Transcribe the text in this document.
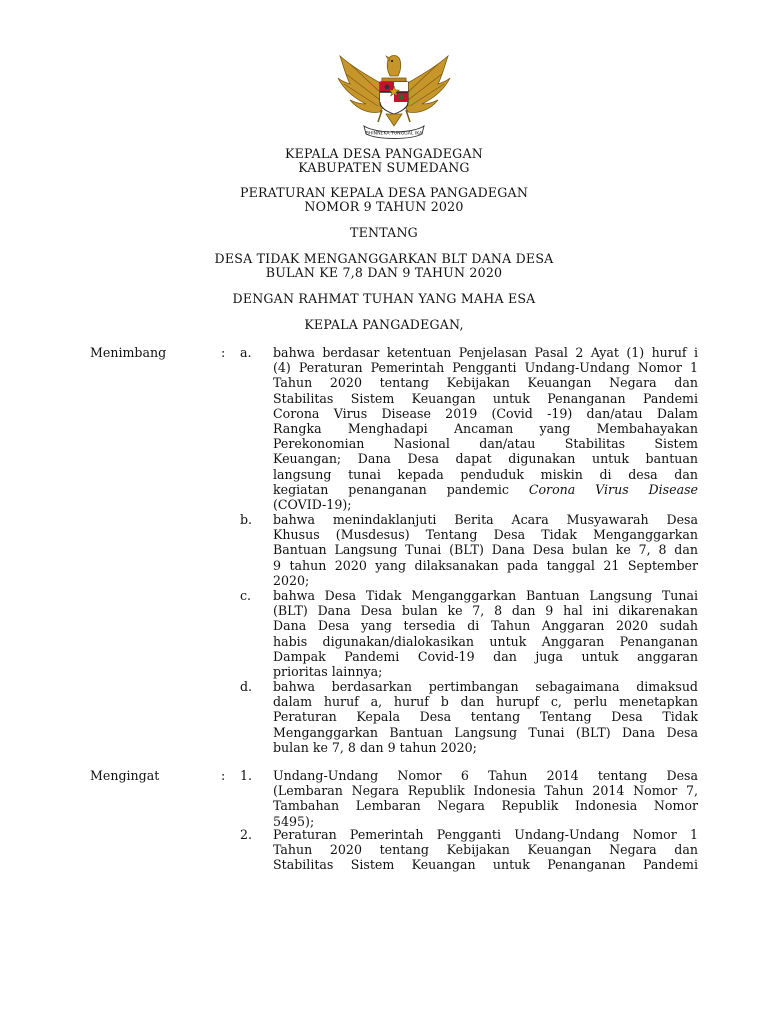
BHINNEKA TUNGGAL IKA
KEPALA DESA PANGADEGAN
KABUPATEN SUMEDANG
PERATURAN KEPALA DESA PANGADEGAN
NOMOR 9 TAHUN 2020
TENTANG
DESA TIDAK MENGANGGARKAN BLT DANA DESA
BULAN KE 7,8 DAN 9 TAHUN 2020
DENGAN RAHMAT TUHAN YANG MAHA ESA
KEPALA PANGADEGAN,
Menimbang	: a.	bahwa berdasar ketentuan Penjelasan Pasal 2 Ayat (1) huruf i
(4) Peraturan Pemerintah Pengganti Undang-Undang Nomor 1
Tahun 2020 tentang Kebijakan Keuangan Negara dan
Stabilitas Sistem Keuangan untuk Penanganan Pandemi
Corona Virus Disease 2019 (Covid -19) dan/atau Dalam
Rangka Menghadapi Ancaman yang Membahayakan
Perekonomian Nasional dan/atau Stabilitas Sistem
Keuangan; Dana Desa dapat digunakan untuk bantuan
langsung tunai kepada penduduk miskin di desa dan
kegiatan penanganan pandemic Corona Virus Disease
(COVID-19);
b.	bahwa menindaklanjuti Berita Acara Musyawarah Desa
Khusus (Musdesus) Tentang Desa Tidak Menganggarkan
Bantuan Langsung Tunai (BLT) Dana Desa bulan ke 7, 8 dan
9 tahun 2020 yang dilaksanakan pada tanggal 21 September
2020;
c.	bahwa Desa Tidak Menganggarkan Bantuan Langsung Tunai
(BLT) Dana Desa bulan ke 7, 8 dan 9 hal ini dikarenakan
Dana Desa yang tersedia di Tahun Anggaran 2020 sudah
habis digunakan/dialokasikan untuk Anggaran Penanganan
Dampak Pandemi Covid-19 dan juga untuk anggaran
prioritas lainnya;
d.	bahwa berdasarkan pertimbangan sebagaimana dimaksud
dalam huruf a, huruf b dan hurupf c, perlu menetapkan
Peraturan Kepala Desa tentang Tentang Desa Tidak
Menganggarkan Bantuan Langsung Tunai (BLT) Dana Desa
bulan ke 7, 8 dan 9 tahun 2020;
Mengingat	: 1.	Undang-Undang Nomor 6 Tahun 2014 tentang Desa
(Lembaran Negara Republik Indonesia Tahun 2014 Nomor 7,
Tambahan Lembaran Negara Republik Indonesia Nomor
5495);
2.	Peraturan Pemerintah Pengganti Undang-Undang Nomor 1
Tahun 2020 tentang Kebijakan Keuangan Negara dan
Stabilitas Sistem Keuangan untuk Penanganan Pandemi
